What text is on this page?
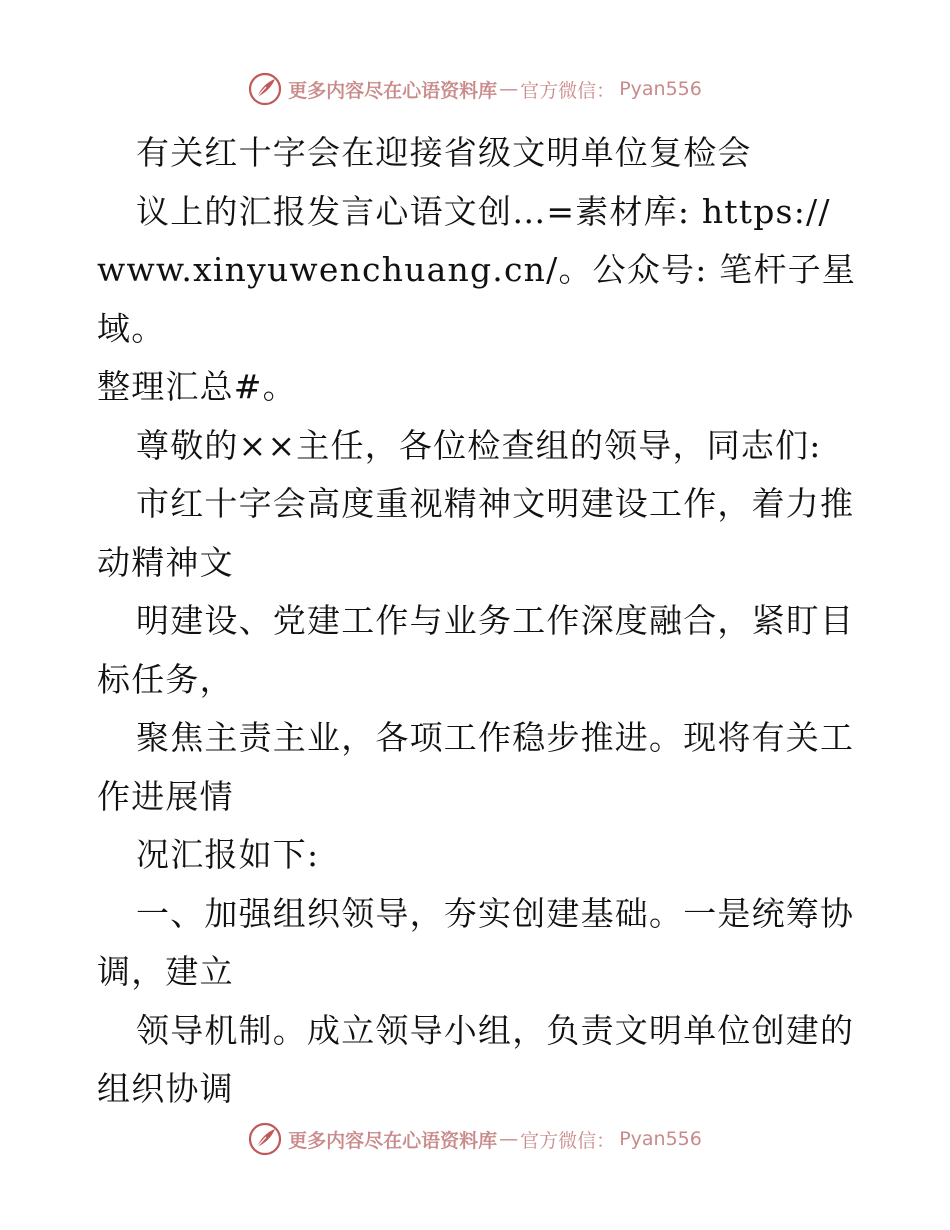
更多内容尽在心语资料库 — 官方微信： Pyan556

有关红十字会在迎接省级文明单位复检会

议上的汇报发言心语文创…=素材库: https://

www.xinyuwenchuang.cn/。公众号: 笔杆子星域。

整理汇总#。

尊敬的××主任，各位检查组的领导，同志们:

市红十字会高度重视精神文明建设工作，着力推

动精神文

明建设、党建工作与业务工作深度融合，紧盯目

标任务，

聚焦主责主业，各项工作稳步推进。现将有关工

作进展情

况汇报如下:

一、加强组织领导，夯实创建基础。一是统筹协

调，建立

领导机制。成立领导小组，负责文明单位创建的

组织协调

更多内容尽在心语资料库 — 官方微信： Pyan556
